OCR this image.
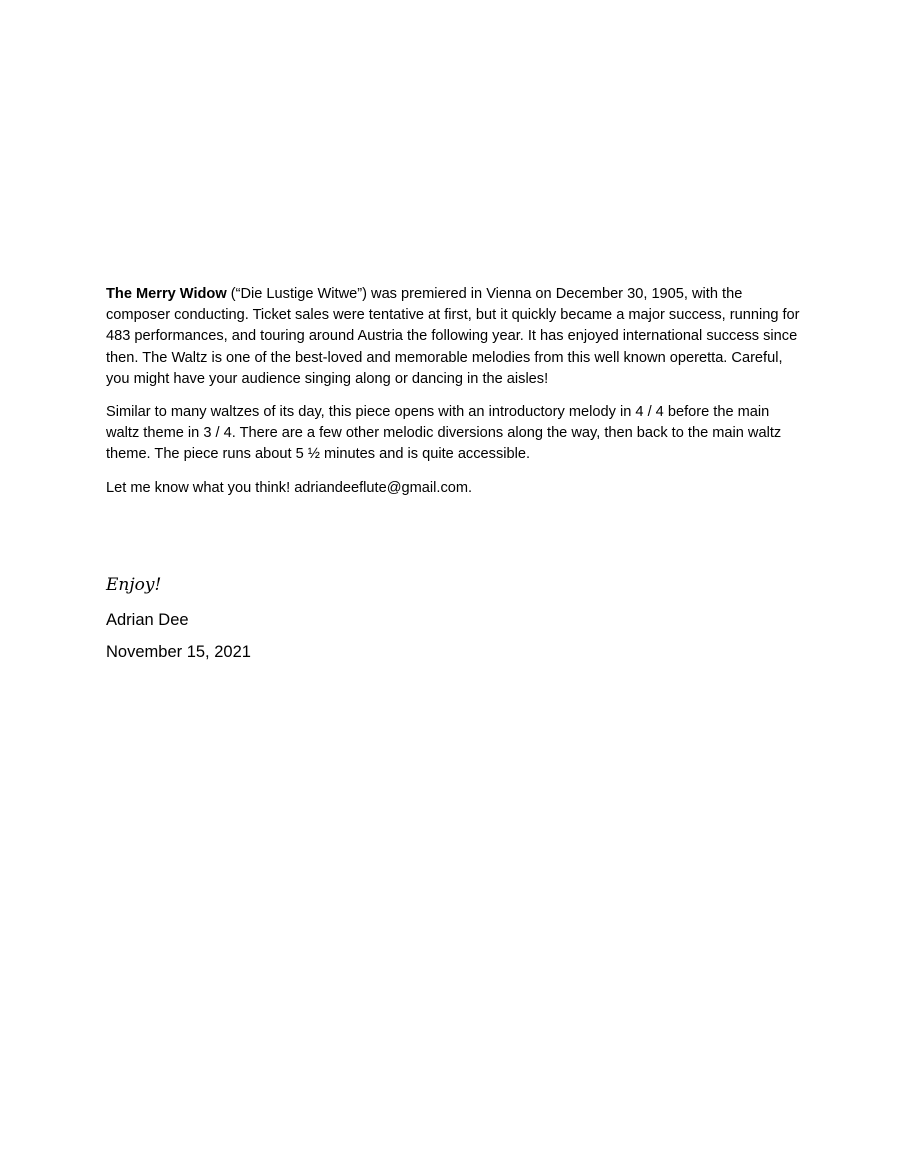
The Merry Widow (“Die Lustige Witwe”) was premiered in Vienna on December 30, 1905, with the composer conducting. Ticket sales were tentative at first, but it quickly became a major success, running for 483 performances, and touring around Austria the following year. It has enjoyed international success since then. The Waltz is one of the best-loved and memorable melodies from this well known operetta. Careful, you might have your audience singing along or dancing in the aisles!

Similar to many waltzes of its day, this piece opens with an introductory melody in 4 / 4 before the main waltz theme in 3 / 4. There are a few other melodic diversions along the way, then back to the main waltz theme. The piece runs about 5 ½ minutes and is quite accessible.

Let me know what you think! adriandeeflute@gmail.com.

Enjoy!

Adrian Dee

November 15, 2021
